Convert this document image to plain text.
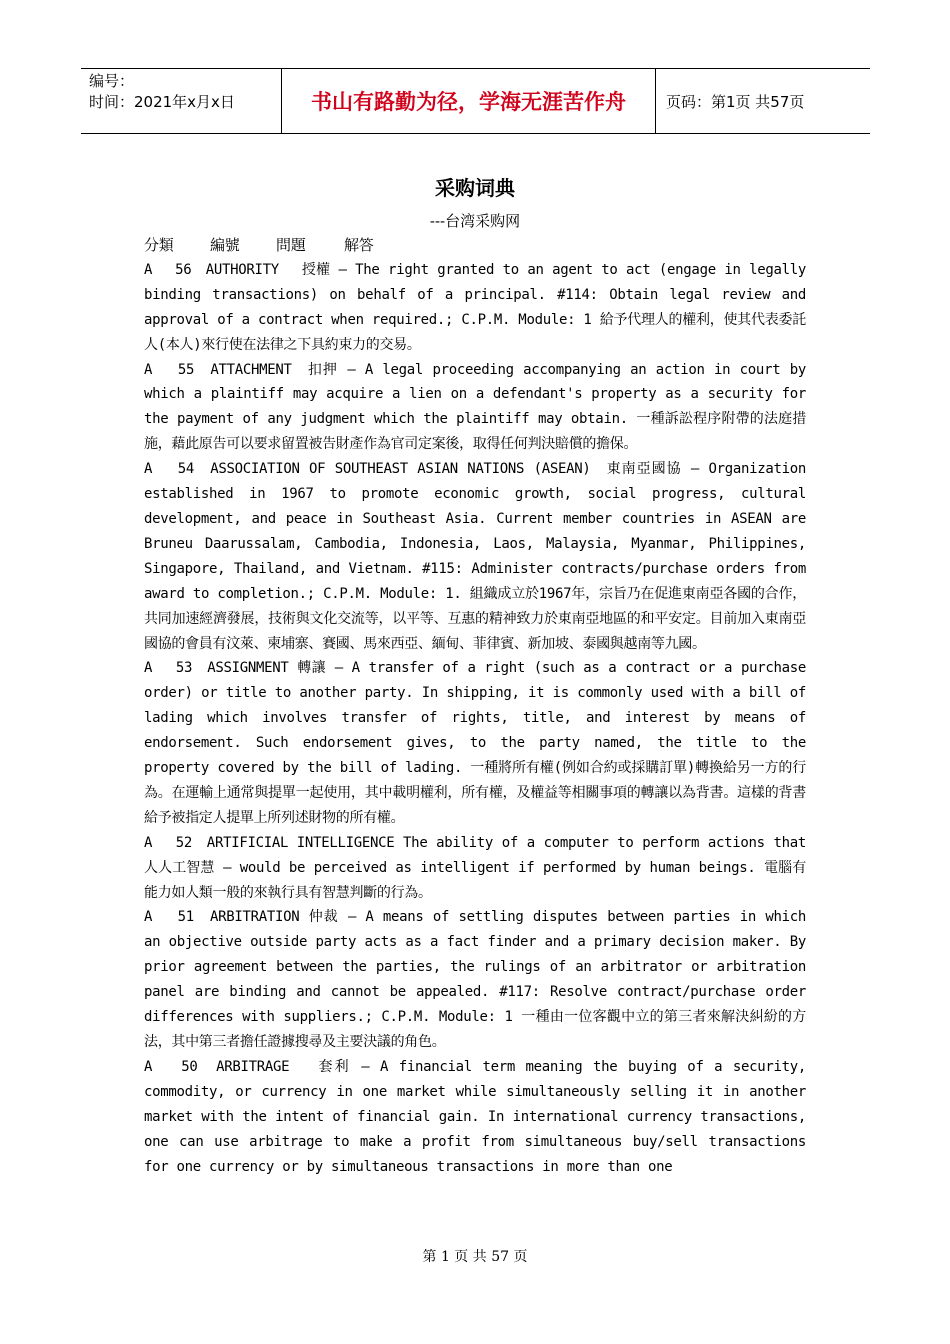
编号：
时间：2021年x月x日	书山有路勤为径，学海无涯苦作舟	页码：第1页 共57页
采购词典
---台湾采购网
分類	編號	問題	解答

A　 56　AUTHORITY　 授權 – The right granted to an agent to act (engage in legally binding transactions) on behalf of a principal. #114: Obtain legal review and approval of a contract when required.; C.P.M. Module: 1 給予代理人的權利，使其代表委託人(本人)來行使在法律之下具約束力的交易。

A　 55　ATTACHMENT　扣押 – A legal proceeding accompanying an action in court by which a plaintiff may acquire a lien on a defendant's property as a security for the payment of any judgment which the plaintiff may obtain. 一種訴訟程序附帶的法庭措施，藉此原告可以要求留置被告財產作為官司定案後，取得任何判決賠償的擔保。

A　 54　ASSOCIATION OF SOUTHEAST ASIAN NATIONS (ASEAN)　東南亞國協 – Organization established in 1967 to promote economic growth, social progress, cultural development, and peace in Southeast Asia. Current member countries in ASEAN are Bruneu Daarussalam, Cambodia, Indonesia, Laos, Malaysia, Myanmar, Philippines, Singapore, Thailand, and Vietnam. #115: Administer contracts/purchase orders from award to completion.; C.P.M. Module: 1. 組織成立於1967年，宗旨乃在促進東南亞各國的合作，共同加速經濟發展，技術與文化交流等，以平等、互惠的精神致力於東南亞地區的和平安定。目前加入東南亞國協的會員有汶萊、柬埔寨、賽國、馬來西亞、緬甸、菲律賓、新加坡、泰國與越南等九國。

A　 53　ASSIGNMENT 轉讓 – A transfer of a right (such as a contract or a purchase order) or title to another party. In shipping, it is commonly used with a bill of lading which involves transfer of rights, title, and interest by means of endorsement. Such endorsement gives, to the party named, the title to the property covered by the bill of lading. 一種將所有權(例如合約或採購訂單)轉換給另一方的行為。在運輸上通常與提單一起使用，其中載明權利，所有權，及權益等相關事項的轉讓以為背書。這樣的背書給予被指定人提單上所列述財物的所有權。

A　 52　ARTIFICIAL INTELLIGENCE The ability of a computer to perform actions that 人人工智慧 – would be perceived as intelligent if performed by human beings. 電腦有能力如人類一般的來執行具有智慧判斷的行為。

A　 51　ARBITRATION 仲裁 – A means of settling disputes between parties in which an objective outside party acts as a fact finder and a primary decision maker. By prior agreement between the parties, the rulings of an arbitrator or arbitration panel are binding and cannot be appealed. #117: Resolve contract/purchase order differences with suppliers.; C.P.M. Module: 1 一種由一位客觀中立的第三者來解決糾紛的方法，其中第三者擔任證據搜尋及主要決議的角色。

A　 50　ARBITRAGE　 套利 – A financial term meaning the buying of a security, commodity, or currency in one market while simultaneously selling it in another market with the intent of financial gain. In international currency transactions, one can use arbitrage to make a profit from simultaneous buy/sell transactions for one currency or by simultaneous transactions in more than one

第 1 页 共 57 页
